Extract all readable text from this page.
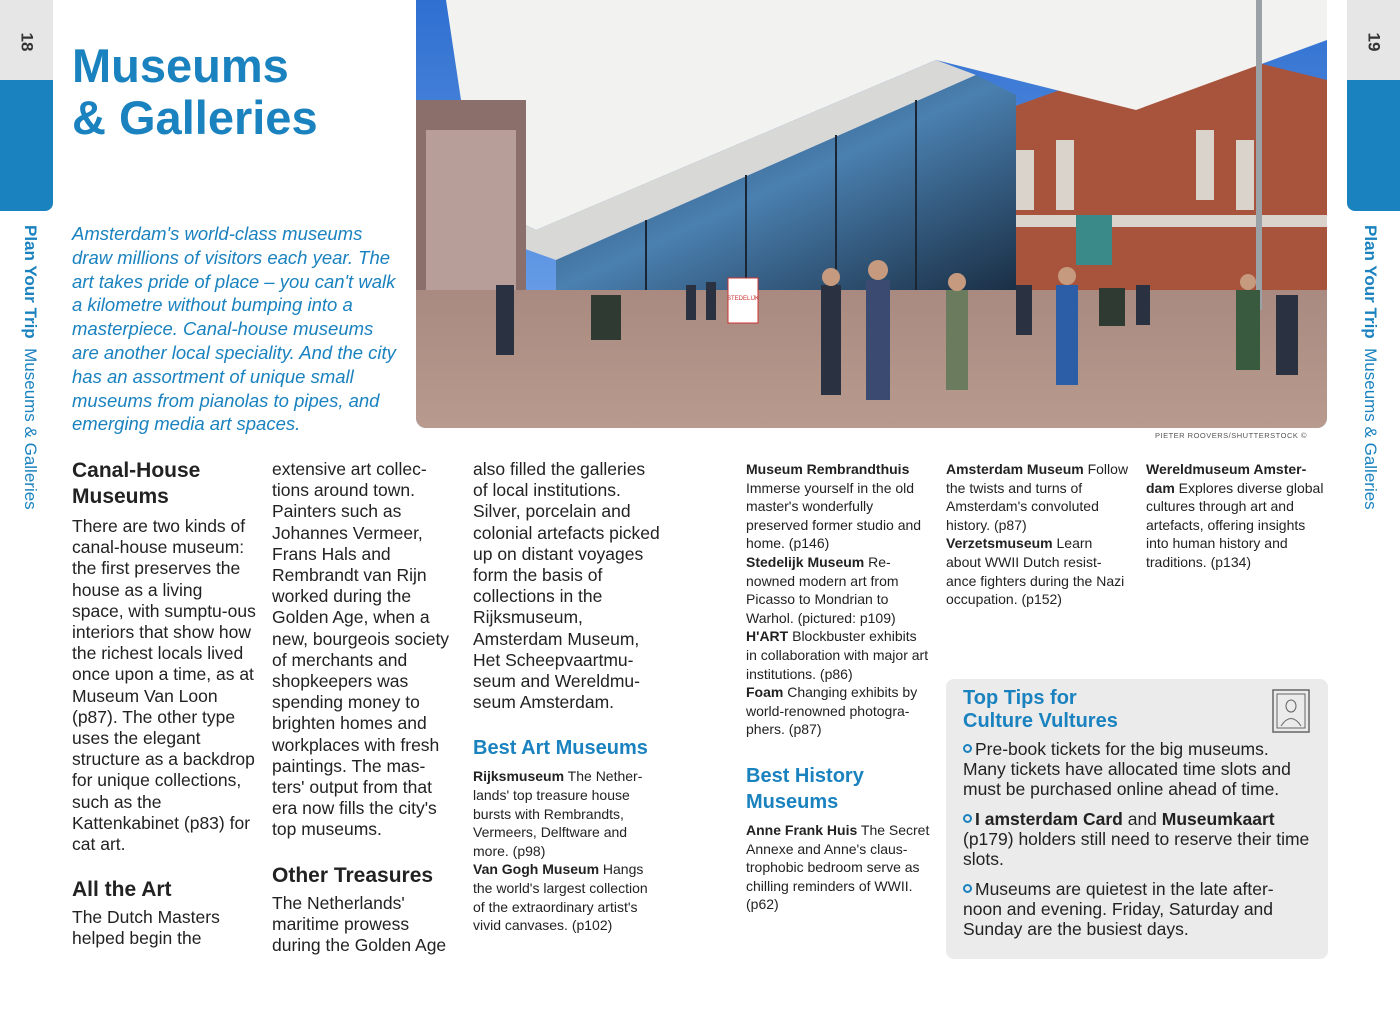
18	19
Plan Your Trip  Museums & Galleries
Plan Your Trip  Museums & Galleries
Museums
& Galleries

Amsterdam's world-class museums draw millions of visitors each year. The art takes pride of place – you can't walk a kilometre without bumping into a masterpiece. Canal-house museums are another local speciality. And the city has an assortment of unique small museums from pianolas to pipes, and emerging media art spaces.

STEDELIJK
PIETER ROOVERS/SHUTTERSTOCK ©
Canal-House Museums

There are two kinds of canal-house museum: the first preserves the house as a living space, with sumptu-ous interiors that show how the richest locals lived once upon a time, as at Museum Van Loon (p87). The other type uses the elegant structure as a backdrop for unique collections, such as the Kattenkabinet (p83) for cat art.

All the Art

The Dutch Masters helped begin the

extensive art collec-tions around town. Painters such as Johannes Vermeer, Frans Hals and Rembrandt van Rijn worked during the Golden Age, when a new, bourgeois society of merchants and shopkeepers was spending money to brighten homes and workplaces with fresh paintings. The mas-ters' output from that era now fills the city's top museums.

Other Treasures

The Netherlands' maritime prowess during the Golden Age

also filled the galleries of local institutions. Silver, porcelain and colonial artefacts picked up on distant voyages form the basis of collections in the Rijksmuseum, Amsterdam Museum, Het Scheepvaartmu-seum and Wereldmu-seum Amsterdam.

Best Art Museums

Rijksmuseum The Nether-lands' top treasure house bursts with Rembrandts, Vermeers, Delftware and more. (p98)

Van Gogh Museum Hangs the world's largest collection of the extraordinary artist's vivid canvases. (p102)

Museum Rembrandthuis Immerse yourself in the old master's wonderfully preserved former studio and home. (p146)

Stedelijk Museum Re-nowned modern art from Picasso to Mondrian to Warhol. (pictured: p109)

H'ART Blockbuster exhibits in collaboration with major art institutions. (p86)

Foam Changing exhibits by world-renowned photogra-phers. (p87)

Best History Museums

Anne Frank Huis The Secret Annexe and Anne's claus-trophobic bedroom serve as chilling reminders of WWII. (p62)

Amsterdam Museum Follow the twists and turns of Amsterdam's convoluted history. (p87)

Verzetsmuseum Learn about WWII Dutch resist-ance fighters during the Nazi occupation. (p152)

Wereldmuseum Amster-dam Explores diverse global cultures through art and artefacts, offering insights into human history and traditions. (p134)

Top Tips for
Culture Vultures

Pre-book tickets for the big museums. Many tickets have allocated time slots and must be purchased online ahead of time.

I amsterdam Card and Museumkaart (p179) holders still need to reserve their time slots.

Museums are quietest in the late after-noon and evening. Friday, Saturday and Sunday are the busiest days.
